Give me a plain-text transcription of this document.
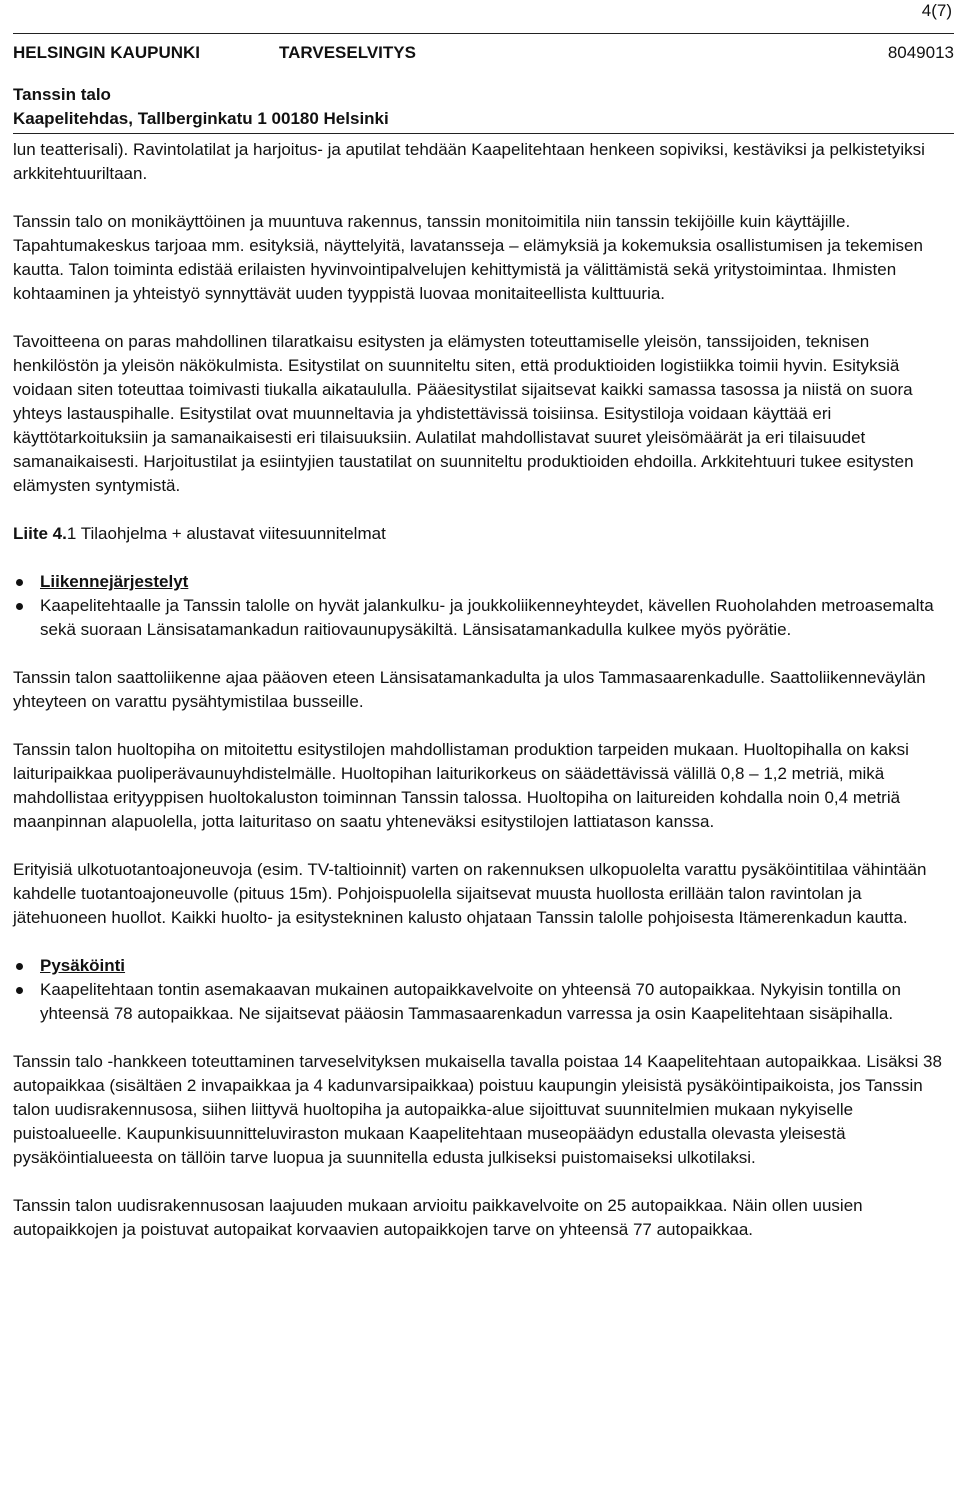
4(7)
HELSINGIN KAUPUNKI	TARVESELVITYS	8049013
Tanssin talo
Kaapelitehdas, Tallberginkatu 1 00180 Helsinki

lun teatterisali). Ravintolatilat ja harjoitus- ja aputilat tehdään Kaapelitehtaan henkeen sopiviksi, kestäviksi ja pelkistetyiksi arkkitehtuuriltaan.

Tanssin talo on monikäyttöinen ja muuntuva rakennus, tanssin monitoimitila niin tanssin tekijöille kuin käyttäjille. Tapahtumakeskus tarjoaa mm. esityksiä, näyttelyitä, lavatansseja – elämyksiä ja kokemuksia osallistumisen ja tekemisen kautta. Talon toiminta edistää erilaisten hyvinvointipalvelujen kehittymistä ja välittämistä sekä yritystoimintaa. Ihmisten kohtaaminen ja yhteistyö synnyttävät uuden tyyppistä luovaa monitaiteellista kulttuuria.

Tavoitteena on paras mahdollinen tilaratkaisu esitysten ja elämysten toteuttamiselle yleisön, tanssijoiden, teknisen henkilöstön ja yleisön näkökulmista. Esitystilat on suunniteltu siten, että produktioiden logistiikka toimii hyvin. Esityksiä voidaan siten toteuttaa toimivasti tiukalla aikataululla. Pääesitystilat sijaitsevat kaikki samassa tasossa ja niistä on suora yhteys lastauspihalle. Esitystilat ovat muunneltavia ja yhdistettävissä toisiinsa. Esitystiloja voidaan käyttää eri käyttötarkoituksiin ja samanaikaisesti eri tilaisuuksiin. Aulatilat mahdollistavat suuret yleisömäärät ja eri tilaisuudet samanaikaisesti. Harjoitustilat ja esiintyjien taustatilat on suunniteltu produktioiden ehdoilla. Arkkitehtuuri tukee esitysten elämysten syntymistä.

Liite 4.1 Tilaohjelma + alustavat viitesuunnitelmat
Liikennejärjestelyt
Kaapelitehtaalle ja Tanssin talolle on hyvät jalankulku- ja joukkoliikenneyhteydet, kävellen Ruoholahden metroasemalta sekä suoraan Länsisatamankadun raitiovaunupysäkiltä. Länsisatamankadulla kulkee myös pyörätie.

Tanssin talon saattoliikenne ajaa pääoven eteen Länsisatamankadulta ja ulos Tammasaarenkadulle. Saattoliikenneväylän yhteyteen on varattu pysähtymistilaa busseille.

Tanssin talon huoltopiha on mitoitettu esitystilojen mahdollistaman produktion tarpeiden mukaan. Huoltopihalla on kaksi laituripaikkaa puoliperävaunuyhdistelmälle. Huoltopihan laiturikorkeus on säädettävissä välillä 0,8 – 1,2 metriä, mikä mahdollistaa erityyppisen huoltokaluston toiminnan Tanssin talossa. Huoltopiha on laitureiden kohdalla noin 0,4 metriä maanpinnan alapuolella, jotta laituritaso on saatu yhteneväksi esitystilojen lattiatason kanssa.

Erityisiä ulkotuotantoajoneuvoja (esim. TV-taltioinnit) varten on rakennuksen ulkopuolelta varattu pysäköintitilaa vähintään kahdelle tuotantoajoneuvolle (pituus 15m). Pohjoispuolella sijaitsevat muusta huollosta erillään talon ravintolan ja jätehuoneen huollot. Kaikki huolto- ja esitystekninen kalusto ohjataan Tanssin talolle pohjoisesta Itämerenkadun kautta.

Pysäköinti
Kaapelitehtaan tontin asemakaavan mukainen autopaikkavelvoite on yhteensä 70 autopaikkaa. Nykyisin tontilla on yhteensä 78 autopaikkaa. Ne sijaitsevat pääosin Tammasaarenkadun varressa ja osin Kaapelitehtaan sisäpihalla.

Tanssin talo -hankkeen toteuttaminen tarveselvityksen mukaisella tavalla poistaa 14 Kaapelitehtaan autopaikkaa. Lisäksi 38 autopaikkaa (sisältäen 2 invapaikkaa ja 4 kadunvarsipaikkaa) poistuu kaupungin yleisistä pysäköintipaikoista, jos Tanssin talon uudisrakennusosa, siihen liittyvä huoltopiha ja autopaikka-alue sijoittuvat suunnitelmien mukaan nykyiselle puistoalueelle. Kaupunkisuunnitteluviraston mukaan Kaapelitehtaan museopäädyn edustalla olevasta yleisestä pysäköintialueesta on tällöin tarve luopua ja suunnitella edusta julkiseksi puistomaiseksi ulkotilaksi.

Tanssin talon uudisrakennusosan laajuuden mukaan arvioitu paikkavelvoite on 25 autopaikkaa. Näin ollen uusien autopaikkojen ja poistuvat autopaikat korvaavien autopaikkojen tarve on yhteensä 77 autopaikkaa.
